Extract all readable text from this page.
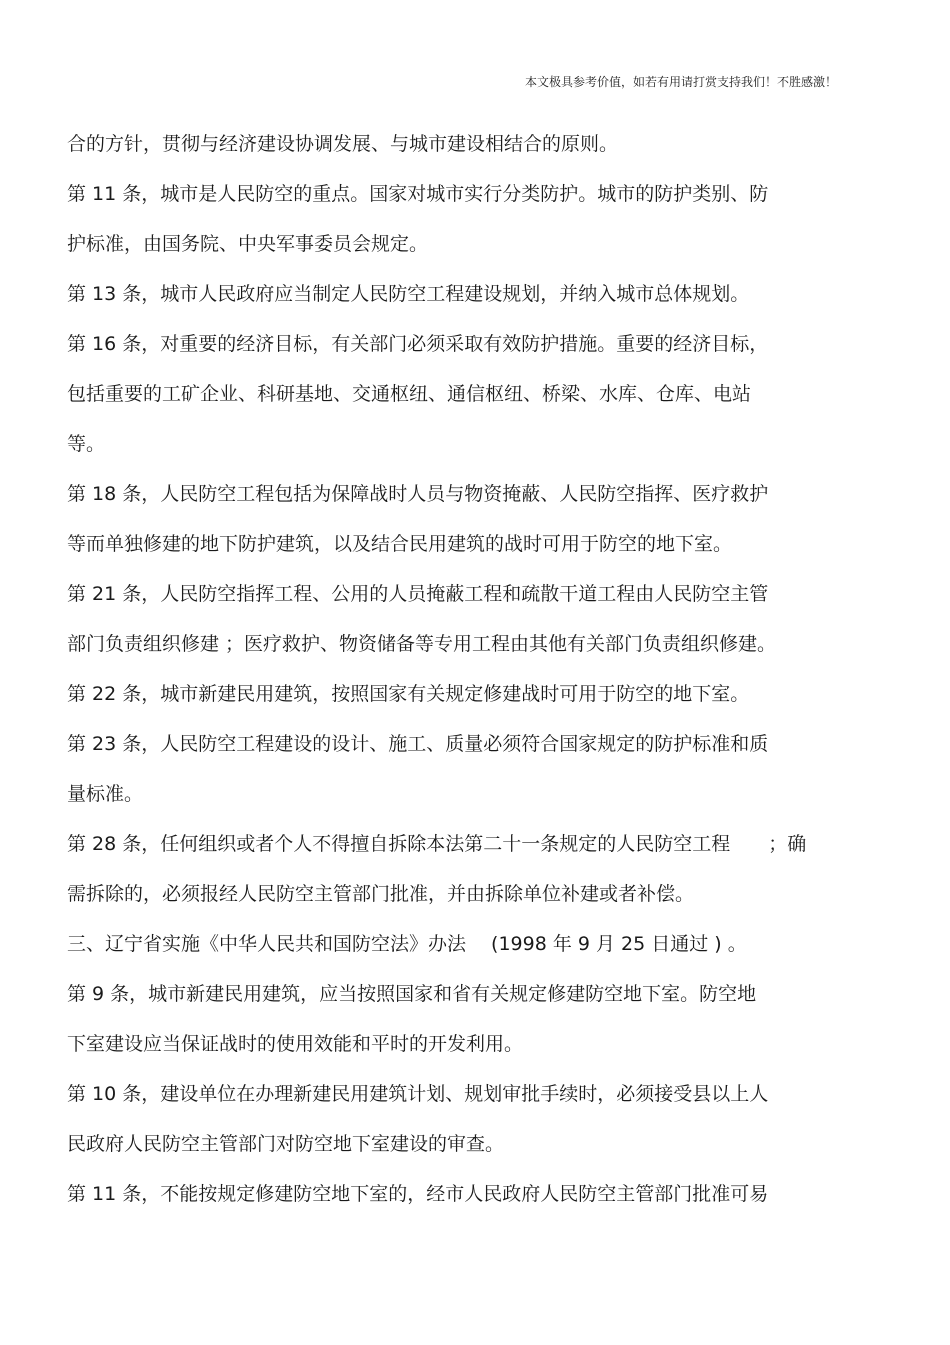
本文极具参考价值，如若有用请打赏支持我们！不胜感激！
合的方针，贯彻与经济建设协调发展、与城市建设相结合的原则。
第 11 条，城市是人民防空的重点。国家对城市实行分类防护。城市的防护类别、防
护标准，由国务院、中央军事委员会规定。
第 13 条，城市人民政府应当制定人民防空工程建设规划，并纳入城市总体规划。
第 16 条，对重要的经济目标，有关部门必须采取有效防护措施。重要的经济目标，
包括重要的工矿企业、科研基地、交通枢纽、通信枢纽、桥梁、水库、仓库、电站
等。
第 18 条，人民防空工程包括为保障战时人员与物资掩蔽、人民防空指挥、医疗救护
等而单独修建的地下防护建筑，以及结合民用建筑的战时可用于防空的地下室。
第 21 条，人民防空指挥工程、公用的人员掩蔽工程和疏散干道工程由人民防空主管
部门负责组织修建 ；医疗救护、物资储备等专用工程由其他有关部门负责组织修建。
第 22 条，城市新建民用建筑，按照国家有关规定修建战时可用于防空的地下室。
第 23 条，人民防空工程建设的设计、施工、质量必须符合国家规定的防护标准和质
量标准。
第 28 条，任何组织或者个人不得擅自拆除本法第二十一条规定的人民防空工程　　；确
需拆除的，必须报经人民防空主管部门批准，并由拆除单位补建或者补偿。
三、辽宁省实施《中华人民共和国防空法》办法　 (1998 年 9 月 25 日通过 ) 。
第 9 条，城市新建民用建筑，应当按照国家和省有关规定修建防空地下室。防空地
下室建设应当保证战时的使用效能和平时的开发利用。
第 10 条，建设单位在办理新建民用建筑计划、规划审批手续时，必须接受县以上人
民政府人民防空主管部门对防空地下室建设的审查。
第 11 条，不能按规定修建防空地下室的，经市人民政府人民防空主管部门批准可易
